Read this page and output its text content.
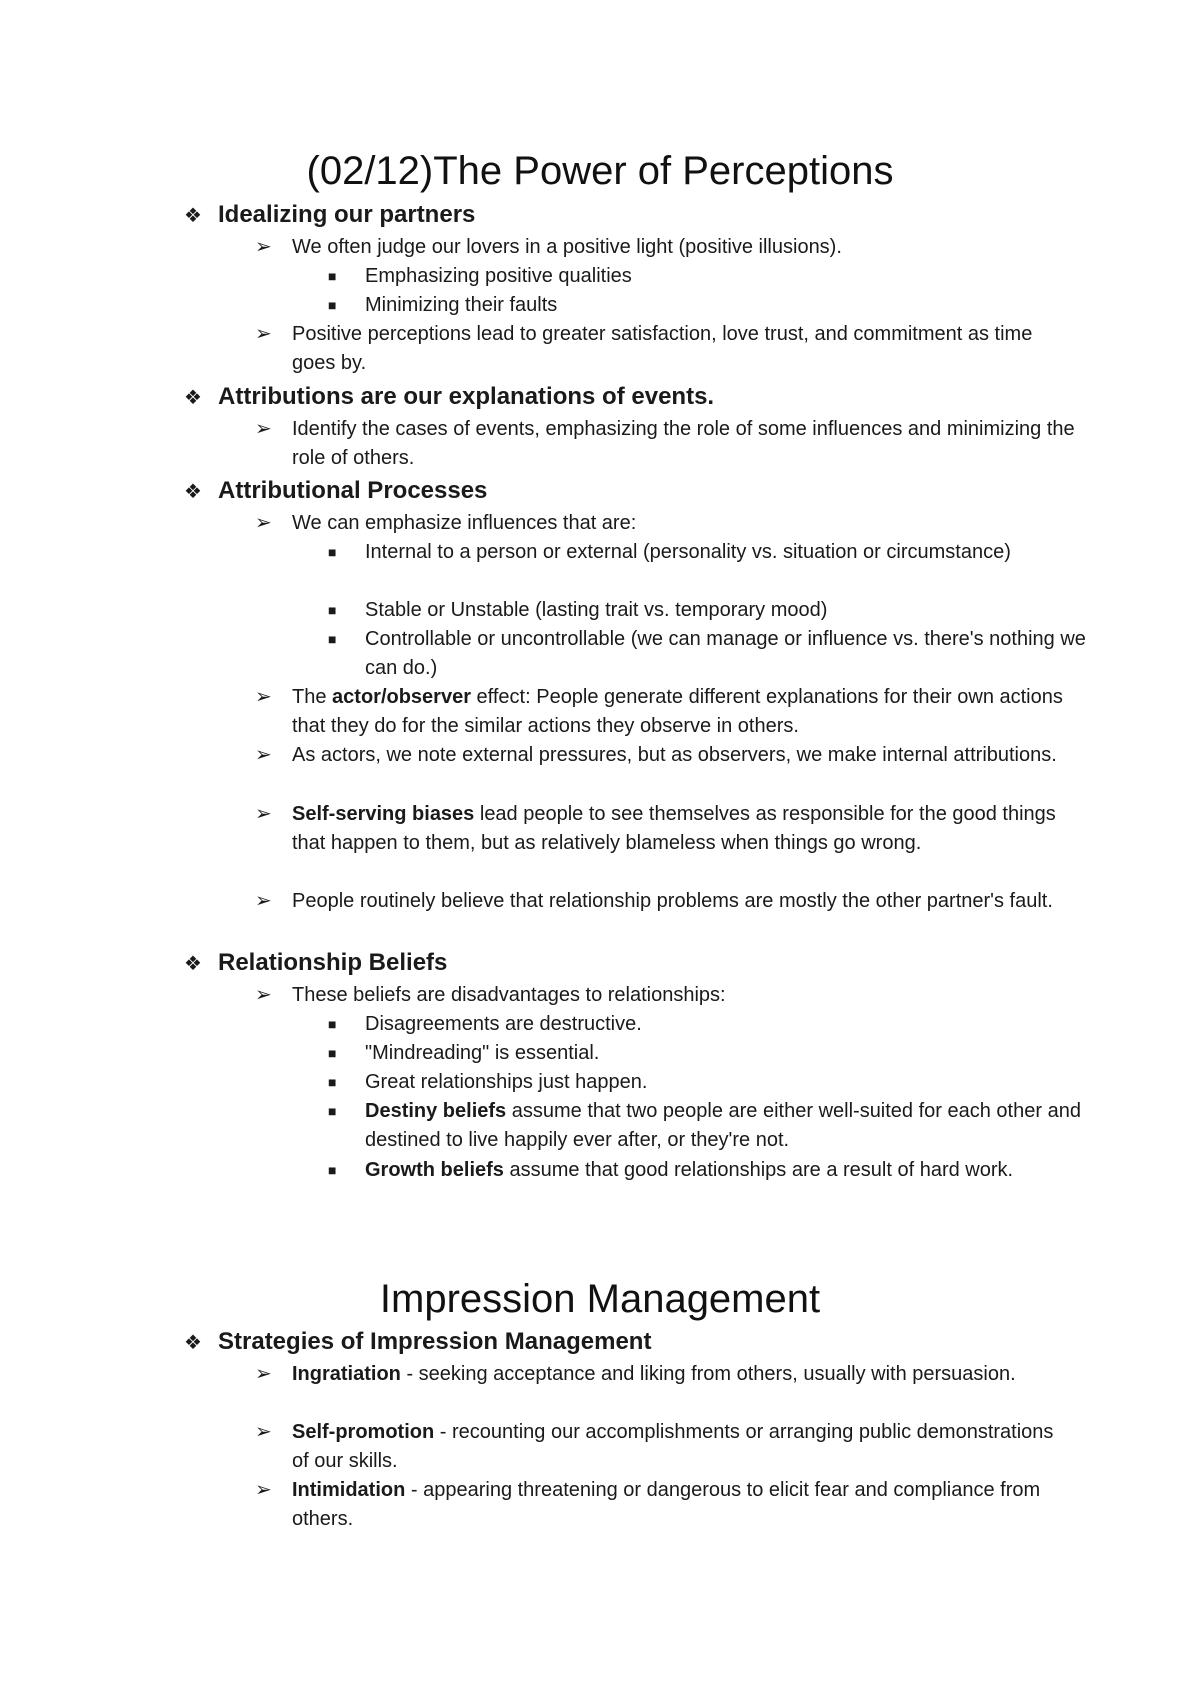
(02/12)The Power of Perceptions
❖ Idealizing our partners
➢ We often judge our lovers in a positive light (positive illusions).
■ Emphasizing positive qualities
■ Minimizing their faults
➢ Positive perceptions lead to greater satisfaction, love trust, and commitment as time goes by.
❖ Attributions are our explanations of events.
➢ Identify the cases of events, emphasizing the role of some influences and minimizing the role of others.
❖ Attributional Processes
➢ We can emphasize influences that are:
■ Internal to a person or external (personality vs. situation or circumstance)
■ Stable or Unstable (lasting trait vs. temporary mood)
■ Controllable or uncontrollable (we can manage or influence vs. there's nothing we can do.)
➢ The actor/observer effect: People generate different explanations for their own actions that they do for the similar actions they observe in others.
➢ As actors, we note external pressures, but as observers, we make internal attributions.
➢ Self-serving biases lead people to see themselves as responsible for the good things that happen to them, but as relatively blameless when things go wrong.
➢ People routinely believe that relationship problems are mostly the other partner's fault.
❖ Relationship Beliefs
➢ These beliefs are disadvantages to relationships:
■ Disagreements are destructive.
■ "Mindreading" is essential.
■ Great relationships just happen.
■ Destiny beliefs assume that two people are either well-suited for each other and destined to live happily ever after, or they're not.
■ Growth beliefs assume that good relationships are a result of hard work.
Impression Management
❖ Strategies of Impression Management
➢ Ingratiation - seeking acceptance and liking from others, usually with persuasion.
➢ Self-promotion - recounting our accomplishments or arranging public demonstrations of our skills.
➢ Intimidation - appearing threatening or dangerous to elicit fear and compliance from others.
